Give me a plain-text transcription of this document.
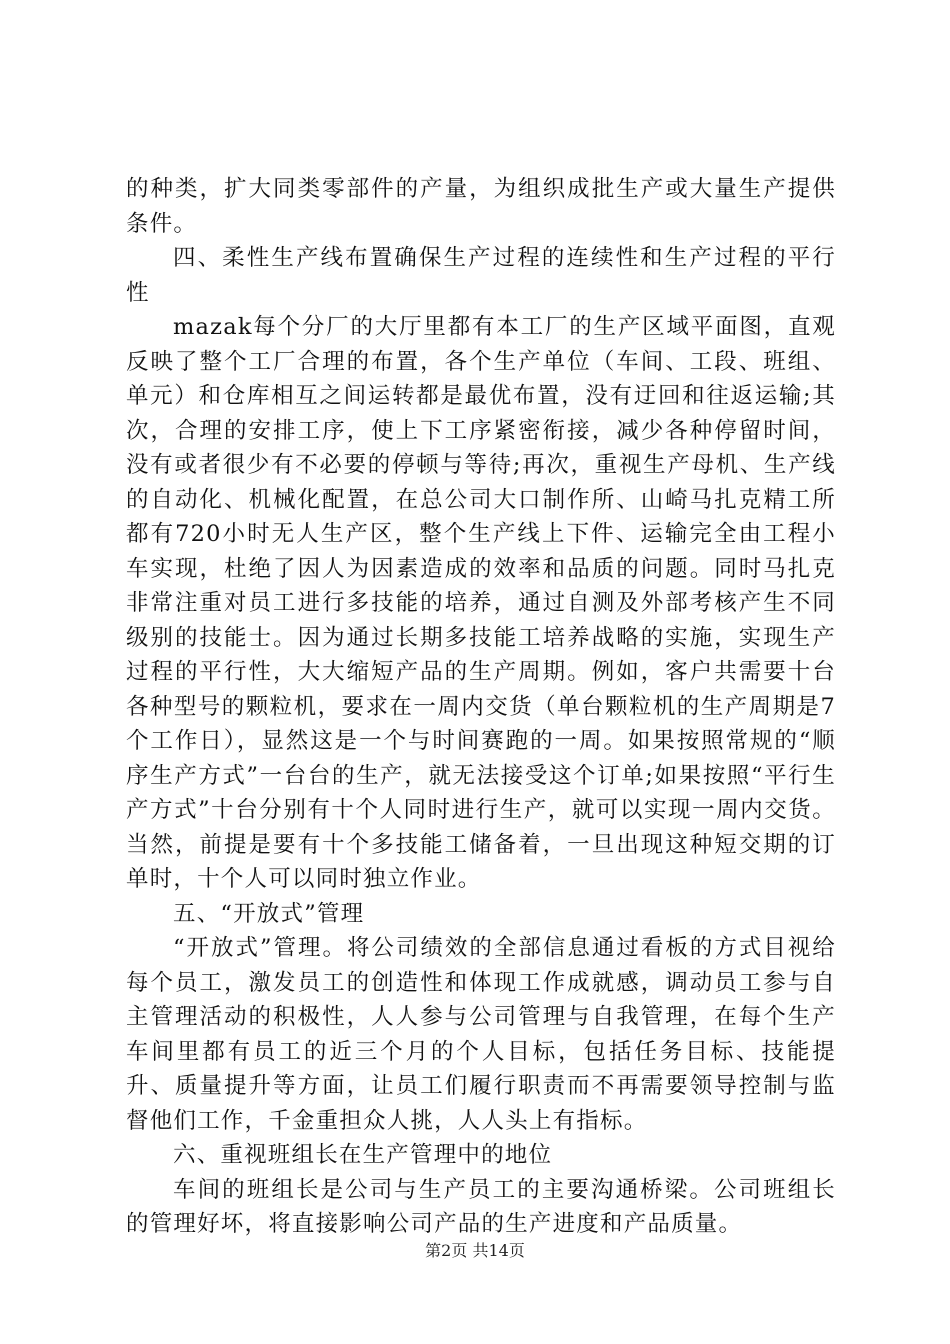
的种类，扩大同类零部件的产量，为组织成批生产或大量生产提供条件。

四、柔性生产线布置确保生产过程的连续性和生产过程的平行性

mazak每个分厂的大厅里都有本工厂的生产区域平面图，直观反映了整个工厂合理的布置，各个生产单位（车间、工段、班组、单元）和仓库相互之间运转都是最优布置，没有迂回和往返运输;其次，合理的安排工序，使上下工序紧密衔接，减少各种停留时间，没有或者很少有不必要的停顿与等待;再次，重视生产母机、生产线的自动化、机械化配置，在总公司大口制作所、山崎马扎克精工所都有720小时无人生产区，整个生产线上下件、运输完全由工程小车实现，杜绝了因人为因素造成的效率和品质的问题。同时马扎克非常注重对员工进行多技能的培养，通过自测及外部考核产生不同级别的技能士。因为通过长期多技能工培养战略的实施，实现生产过程的平行性，大大缩短产品的生产周期。例如，客户共需要十台各种型号的颗粒机，要求在一周内交货（单台颗粒机的生产周期是7个工作日），显然这是一个与时间赛跑的一周。如果按照常规的“顺序生产方式”一台台的生产，就无法接受这个订单;如果按照“平行生产方式”十台分别有十个人同时进行生产，就可以实现一周内交货。当然，前提是要有十个多技能工储备着，一旦出现这种短交期的订单时，十个人可以同时独立作业。

五、“开放式”管理

“开放式”管理。将公司绩效的全部信息通过看板的方式目视给每个员工，激发员工的创造性和体现工作成就感，调动员工参与自主管理活动的积极性，人人参与公司管理与自我管理，在每个生产车间里都有员工的近三个月的个人目标，包括任务目标、技能提升、质量提升等方面，让员工们履行职责而不再需要领导控制与监督他们工作，千金重担众人挑，人人头上有指标。

六、重视班组长在生产管理中的地位

车间的班组长是公司与生产员工的主要沟通桥梁。公司班组长的管理好坏，将直接影响公司产品的生产进度和产品质量。

第2页 共14页
